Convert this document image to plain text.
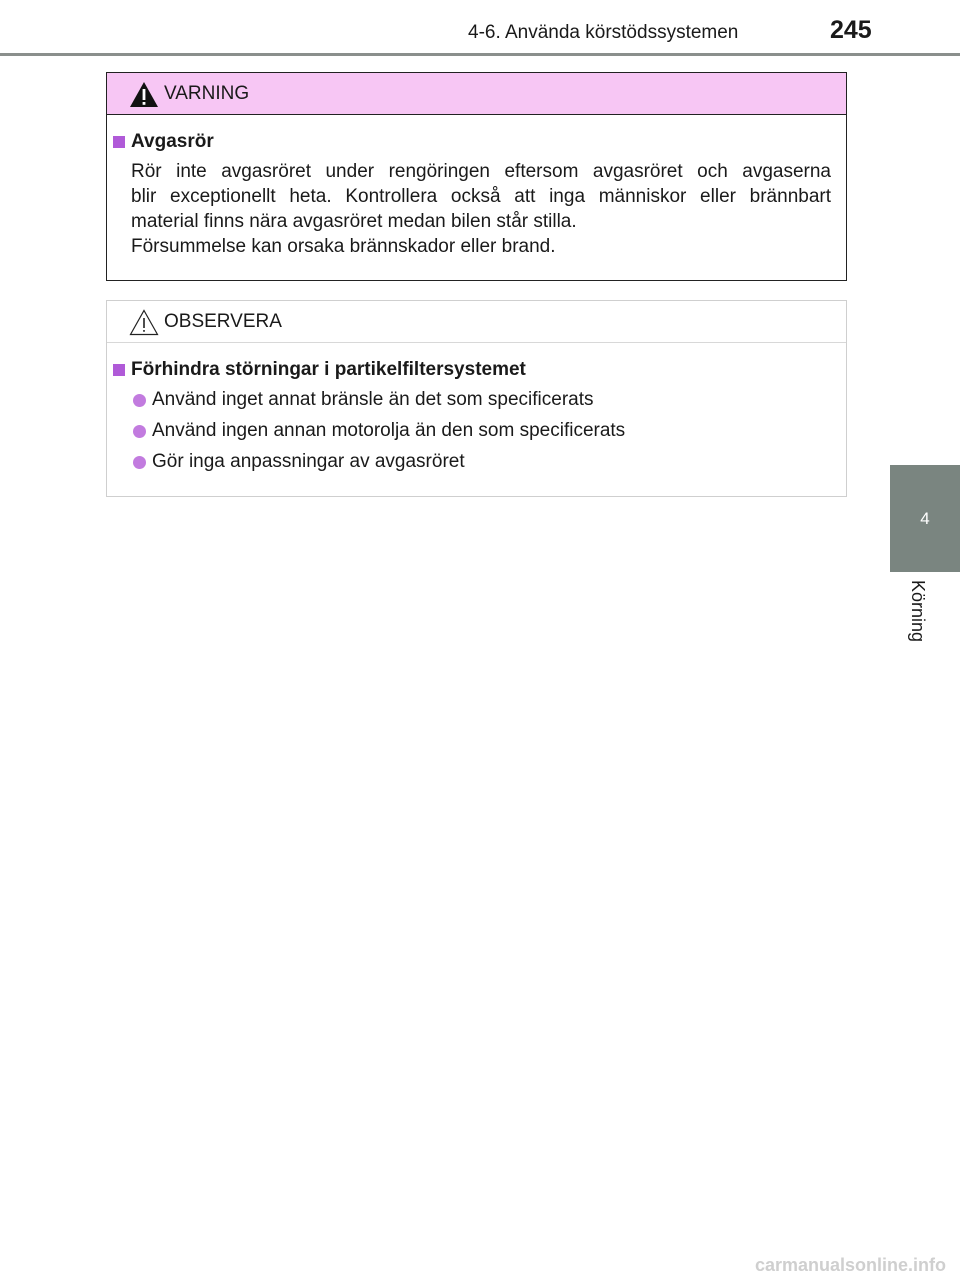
4-6. Använda körstödssystemen	245
4
Körning
VARNING
Avgasrör
Rör inte avgasröret under rengöringen eftersom avgasröret och avgaserna
blir exceptionellt heta. Kontrollera också att inga människor eller brännbart
material finns nära avgasröret medan bilen står stilla.
Försummelse kan orsaka brännskador eller brand.
OBSERVERA
Förhindra störningar i partikelfiltersystemet
Använd inget annat bränsle än det som specificerats
Använd ingen annan motorolja än den som specificerats
Gör inga anpassningar av avgasröret
carmanualsonline.info
